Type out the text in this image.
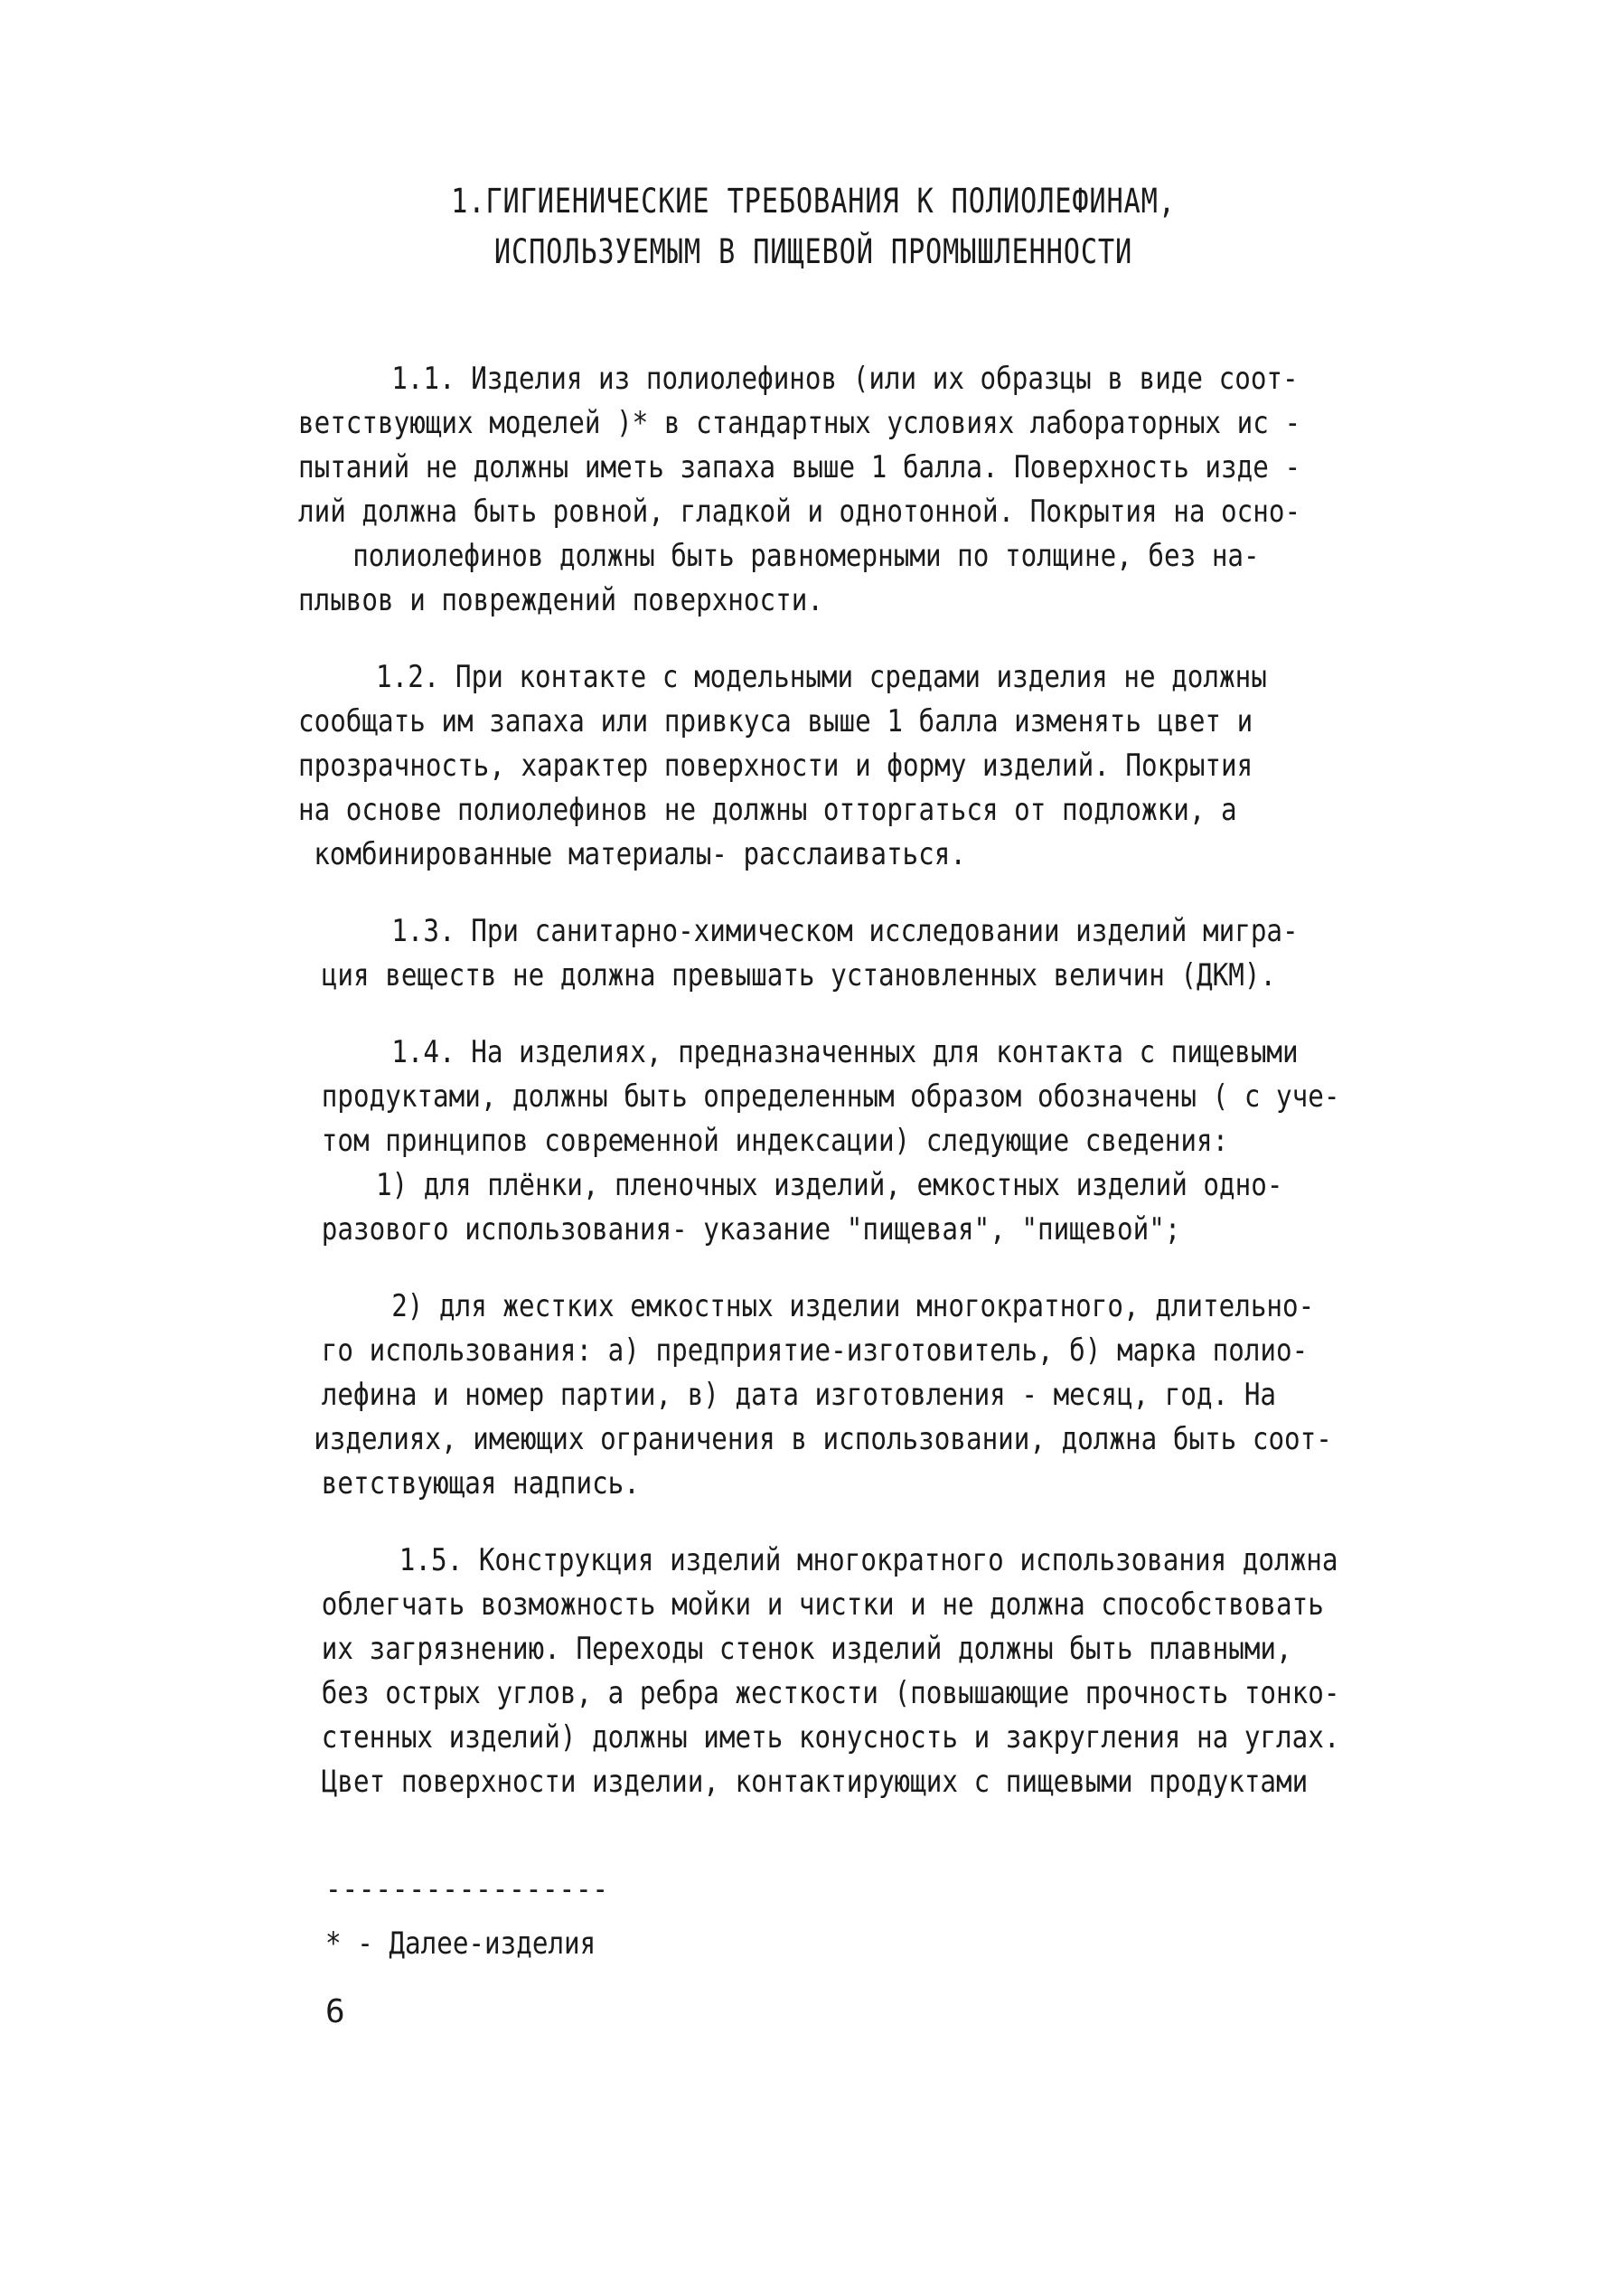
1.ГИГИЕНИЧЕСКИЕ ТРЕБОВАНИЯ К ПОЛИОЛЕФИНАМ,
ИСПОЛЬЗУЕМЫМ В ПИЩЕВОЙ ПРОМЫШЛЕННОСТИ
1.1. Изделия из полиолефинов (или их образцы в виде соот-
ветствующих моделей )* в стандартных условиях лабораторных ис -
пытаний не должны иметь запаха выше 1 балла. Поверхность изде -
лий должна быть ровной, гладкой и однотонной. Покрытия на осно-
полиолефинов должны быть равномерными по толщине, без на-
плывов и повреждений поверхности.
1.2. При контакте с модельными средами изделия не должны
сообщать им запаха или привкуса выше 1 балла изменять цвет и
прозрачность, характер поверхности и форму изделий. Покрытия
на основе полиолефинов не должны отторгаться от подложки, а
комбинированные материалы- расслаиваться.
1.3. При санитарно-химическом исследовании изделий мигра-
ция веществ не должна превышать установленных величин (ДКМ).
1.4. На изделиях, предназначенных для контакта с пищевыми
продуктами, должны быть определенным образом обозначены ( с уче-
том принципов современной индексации) следующие сведения:
1) для плёнки, пленочных изделий, емкостных изделий одно-
разового использования- указание "пищевая", "пищевой";
2) для жестких емкостных изделии многократного, длительно-
го использования: а) предприятие-изготовитель, б) марка полио-
лефина и номер партии, в) дата изготовления - месяц, год. На
изделиях, имеющих ограничения в использовании, должна быть соот-
ветствующая надпись.
1.5. Конструкция изделий многократного использования должна
облегчать возможность мойки и чистки и не должна способствовать
их загрязнению. Переходы стенок изделий должны быть плавными,
без острых углов, а ребра жесткости (повышающие прочность тонко-
стенных изделий) должны иметь конусность и закругления на углах.
Цвет поверхности изделии, контактирующих с пищевыми продуктами
-----------------
* - Далее-изделия
6
